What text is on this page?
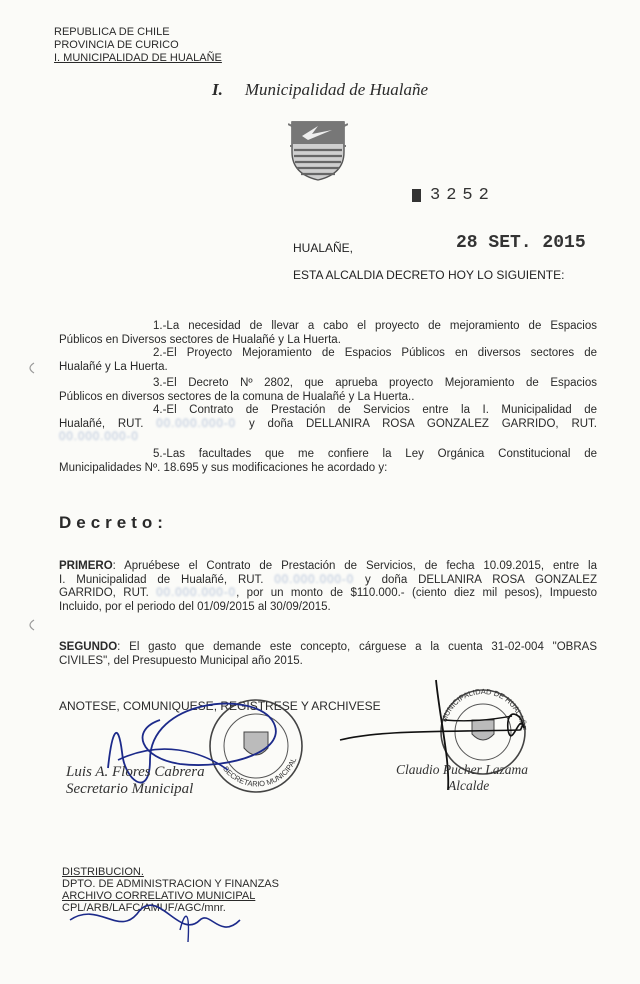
REPUBLICA DE CHILE
PROVINCIA DE CURICO
I. MUNICIPALIDAD DE HUALAÑE
I. Municipalidad de Hualañe
3252
HUALAÑE,	28 SET. 2015
ESTA ALCALDIA DECRETO HOY LO SIGUIENTE:
1.-La necesidad de llevar a cabo el proyecto de mejoramiento de Espacios
Públicos en Diversos sectores de Hualañé y La Huerta.
2.-El Proyecto Mejoramiento de Espacios Públicos en diversos sectores de
Hualañé y La Huerta.
3.-El Decreto Nº 2802, que aprueba proyecto Mejoramiento de Espacios
Públicos en diversos sectores de la comuna de Hualañé y La Huerta..
4.-El Contrato de Prestación de Servicios entre la I. Municipalidad de
Hualañé, RUT. 00.000.000-0 y doña DELLANIRA ROSA GONZALEZ GARRIDO, RUT.
00.000.000-0
5.-Las facultades que me confiere la Ley Orgánica Constitucional de
Municipalidades Nº. 18.695 y sus modificaciones he acordado y:
Decreto:
PRIMERO: Apruébese el Contrato de Prestación de Servicios, de fecha 10.09.2015, entre la
I. Municipalidad de Hualañé, RUT. 00.000.000-0 y doña DELLANIRA ROSA GONZALEZ
GARRIDO, RUT. 00.000.000-0, por un monto de $110.000.- (ciento diez mil pesos), Impuesto
Incluido, por el periodo del 01/09/2015 al 30/09/2015.
SEGUNDO: El gasto que demande este concepto, cárguese a la cuenta 31-02-004 "OBRAS
CIVILES", del Presupuesto Municipal año 2015.
ANOTESE, COMUNIQUESE, REGISTRESE Y ARCHIVESE
SECRETARIO MUNICIPAL
MUNICIPALIDAD DE HUALAÑE
Luis A. Flores Cabrera
Secretario Municipal
Claudio Pucher Lazama
Alcalde
DISTRIBUCION.
DPTO. DE ADMINISTRACION Y FINANZAS
ARCHIVO CORRELATIVO MUNICIPAL
CPL/ARB/LAFC/AMUF/AGC/mnr.
